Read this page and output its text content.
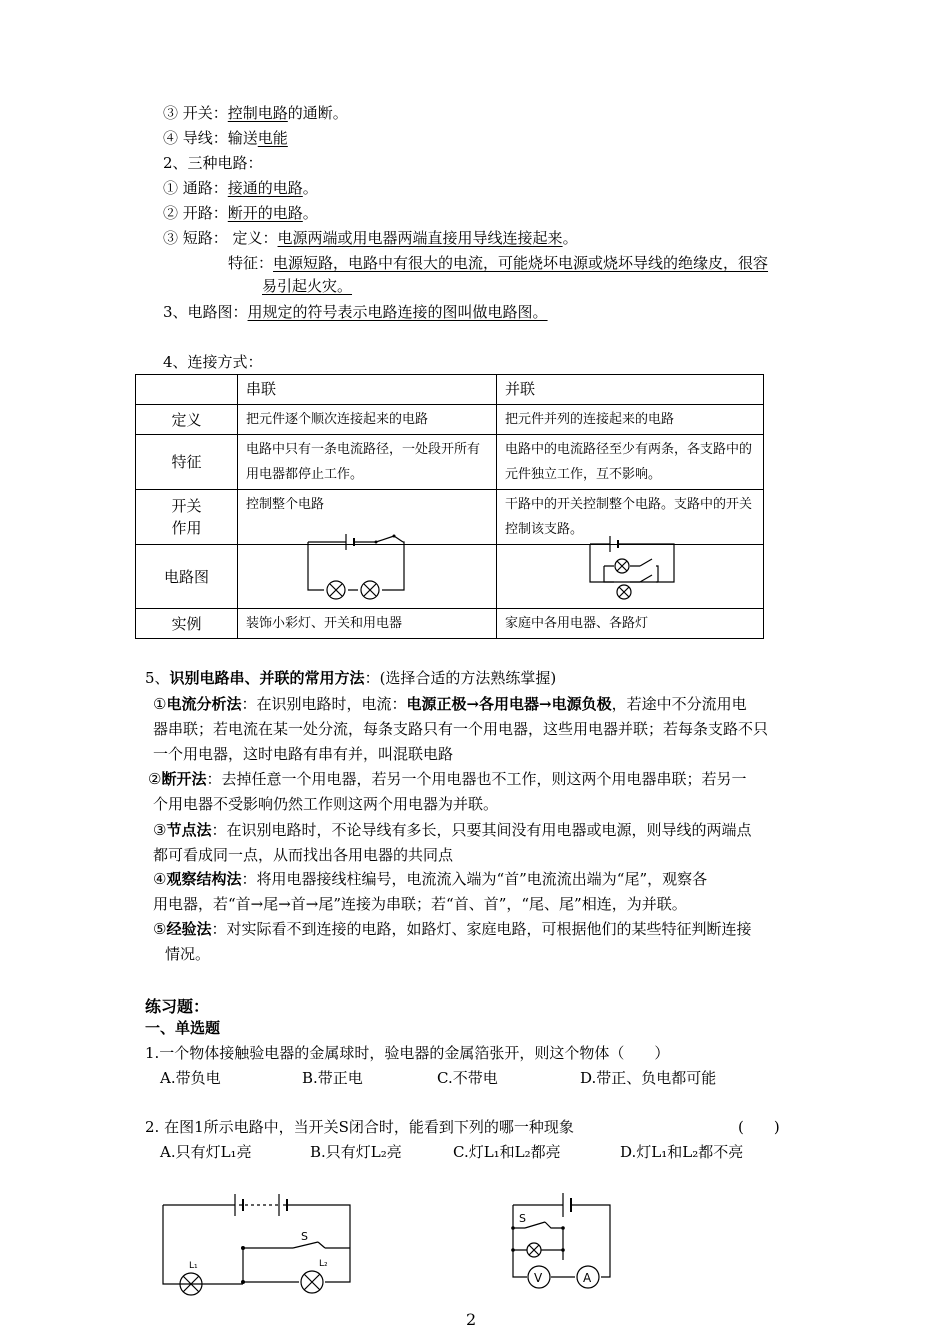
③ 开关：控制电路的通断。
④ 导线：输送电能
2、三种电路：
① 通路：接通的电路。
② 开路：断开的电路。
③ 短路： 定义：电源两端或用电器两端直接用导线连接起来。
特征：电源短路，电路中有很大的电流，可能烧坏电源或烧坏导线的绝缘皮，很容
易引起火灾。
3、电路图：用规定的符号表示电路连接的图叫做电路图。
4、连接方式：
	串联	并联
定义	把元件逐个顺次连接起来的电路	把元件并列的连接起来的电路
特征	电路中只有一条电流路径，一处段开所有用电器都停止工作。	电路中的电流路径至少有两条，各支路中的元件独立工作，互不影响。
开关作用	控制整个电路	干路中的开关控制整个电路。支路中的开关控制该支路。
电路图		
实例	装饰小彩灯、开关和用电器	家庭中各用电器、各路灯
5、识别电路串、并联的常用方法：(选择合适的方法熟练掌握)
①电流分析法：在识别电路时，电流：电源正极→各用电器→电源负极，若途中不分流用电
器串联；若电流在某一处分流，每条支路只有一个用电器，这些用电器并联；若每条支路不只
一个用电器，这时电路有串有并，叫混联电路
②断开法：去掉任意一个用电器，若另一个用电器也不工作，则这两个用电器串联；若另一
个用电器不受影响仍然工作则这两个用电器为并联。
③节点法：在识别电路时，不论导线有多长，只要其间没有用电器或电源，则导线的两端点
都可看成同一点，从而找出各用电器的共同点
④观察结构法：将用电器接线柱编号，电流流入端为“首”电流流出端为“尾”，观察各
用电器，若“首→尾→首→尾”连接为串联；若“首、首”，“尾、尾”相连，为并联。
⑤经验法：对实际看不到连接的电路，如路灯、家庭电路，可根据他们的某些特征判断连接
情况。
练习题：
一、单选题
1.一个物体接触验电器的金属球时，验电器的金属箔张开，则这个物体（　　）
A.带负电	B.带正电	C.不带电	D.带正、负电都可能
2. 在图1所示电路中，当开关S闭合时，能看到下列的哪一种现象	(　　)
A.只有灯L₁亮	B.只有灯L₂亮	C.灯L₁和L₂都亮	D.灯L₁和L₂都不亮
S
L₁	L₂
S
V	A
2
